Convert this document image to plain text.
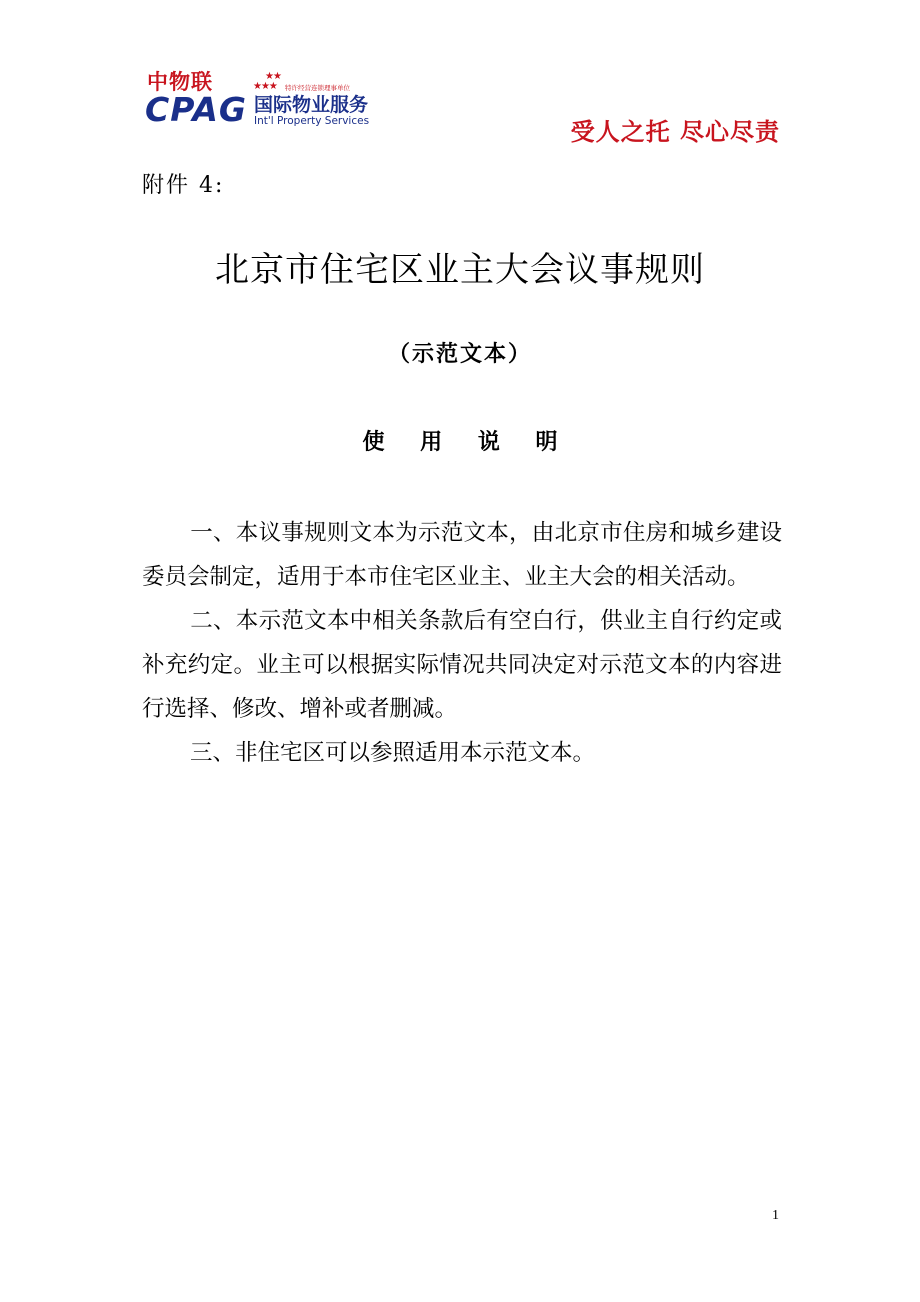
中物联	★★
★★★ 特许经营连锁理事单位
CPAG 国际物业服务
Int'l Property Services	受人之托 尽心尽责
附件 4:
北京市住宅区业主大会议事规则
（示范文本）
使 用 说 明

一、本议事规则文本为示范文本，由北京市住房和城乡建设委员会制定，适用于本市住宅区业主、业主大会的相关活动。

二、本示范文本中相关条款后有空白行，供业主自行约定或补充约定。业主可以根据实际情况共同决定对示范文本的内容进行选择、修改、增补或者删减。

三、非住宅区可以参照适用本示范文本。

1
